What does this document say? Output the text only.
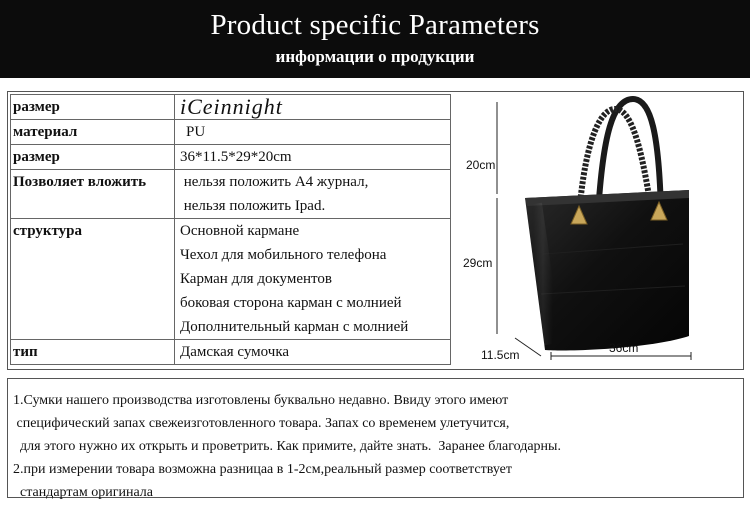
Product specific Parameters
информации о продукции
размер	iCeinnight

материал	PU

размер	36*11.5*29*20cm

Позволяет вложить	нельзя положить A4 журнал,
нельзя положить Ipad.

структура	Основной кармане
Чехол для мобильного телефона
Карман для документов
боковая сторона карман с молнией
Дополнительный карман с молнией

тип	Дамская сумочка
20cm
29cm
11.5cm	36cm
1.Сумки нашего производства изготовлены буквально недавно. Ввиду этого имеют
специфический запах свежеизготовленного товара. Запах со временем улетучится,
для этого нужно их открыть и проветрить. Как примите, дайте знать.  Заранее благодарны.
2.при измерении товара возможна разницаа в 1-2см,реальный размер соответствует
стандартам оригинала
